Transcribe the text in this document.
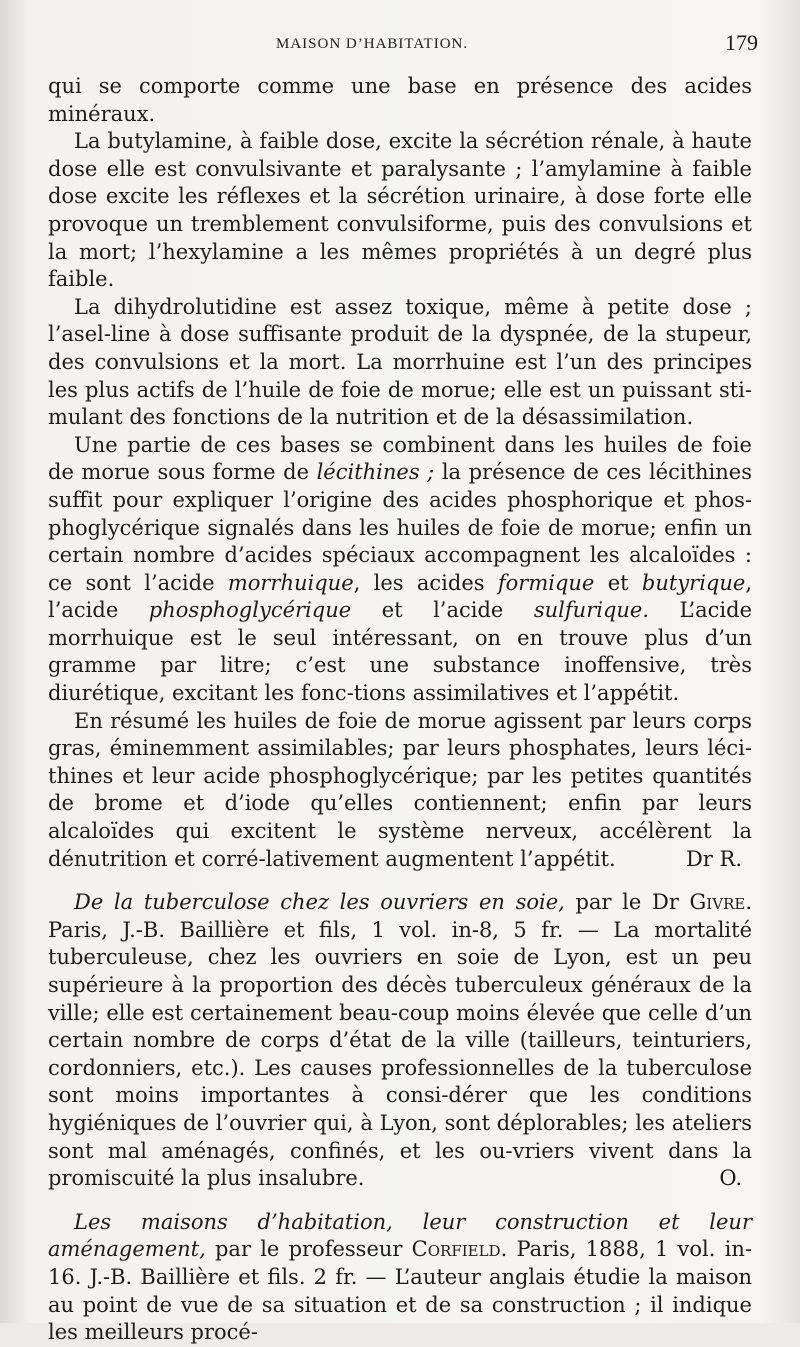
MAISON D’HABITATION.	179

qui se comporte comme une base en présence des acides minéraux.

La butylamine, à faible dose, excite la sécrétion rénale, à haute dose elle est convulsivante et paralysante ; l’amylamine à faible dose excite les réflexes et la sécrétion urinaire, à dose forte elle provoque un tremblement convulsiforme, puis des convulsions et la mort; l’hexylamine a les mêmes propriétés à un degré plus faible.

La dihydrolutidine est assez toxique, même à petite dose ; l’asel-line à dose suffisante produit de la dyspnée, de la stupeur, des convulsions et la mort. La morrhuine est l’un des principes les plus actifs de l’huile de foie de morue; elle est un puissant sti-mulant des fonctions de la nutrition et de la désassimilation.

Une partie de ces bases se combinent dans les huiles de foie de morue sous forme de lécithines ; la présence de ces lécithines suffit pour expliquer l’origine des acides phosphorique et phos-phoglycérique signalés dans les huiles de foie de morue; enfin un certain nombre d’acides spéciaux accompagnent les alcaloïdes : ce sont l’acide morrhuique, les acides formique et butyrique, l’acide phosphoglycérique et l’acide sulfurique. L’acide morrhuique est le seul intéressant, on en trouve plus d’un gramme par litre; c’est une substance inoffensive, très diurétique, excitant les fonc-tions assimilatives et l’appétit.

En résumé les huiles de foie de morue agissent par leurs corps gras, éminemment assimilables; par leurs phosphates, leurs léci-thines et leur acide phosphoglycérique; par les petites quantités de brome et d’iode qu’elles contiennent; enfin par leurs alcaloïdes qui excitent le système nerveux, accélèrent la dénutrition et corré-lativement augmentent l’appétit.	Dr R.

De la tuberculose chez les ouvriers en soie, par le Dr Givre. Paris, J.-B. Baillière et fils, 1 vol. in-8, 5 fr. — La mortalité tuberculeuse, chez les ouvriers en soie de Lyon, est un peu supérieure à la proportion des décès tuberculeux généraux de la ville; elle est certainement beau-coup moins élevée que celle d’un certain nombre de corps d’état de la ville (tailleurs, teinturiers, cordonniers, etc.). Les causes professionnelles de la tuberculose sont moins importantes à consi-dérer que les conditions hygiéniques de l’ouvrier qui, à Lyon, sont déplorables; les ateliers sont mal aménagés, confinés, et les ou-vriers vivent dans la promiscuité la plus insalubre.	O.

Les maisons d’habitation, leur construction et leur aménagement, par le professeur Corfield. Paris, 1888, 1 vol. in-16. J.-B. Baillière et fils. 2 fr. — L’auteur anglais étudie la maison au point de vue de sa situation et de sa construction ; il indique les meilleurs procé-
